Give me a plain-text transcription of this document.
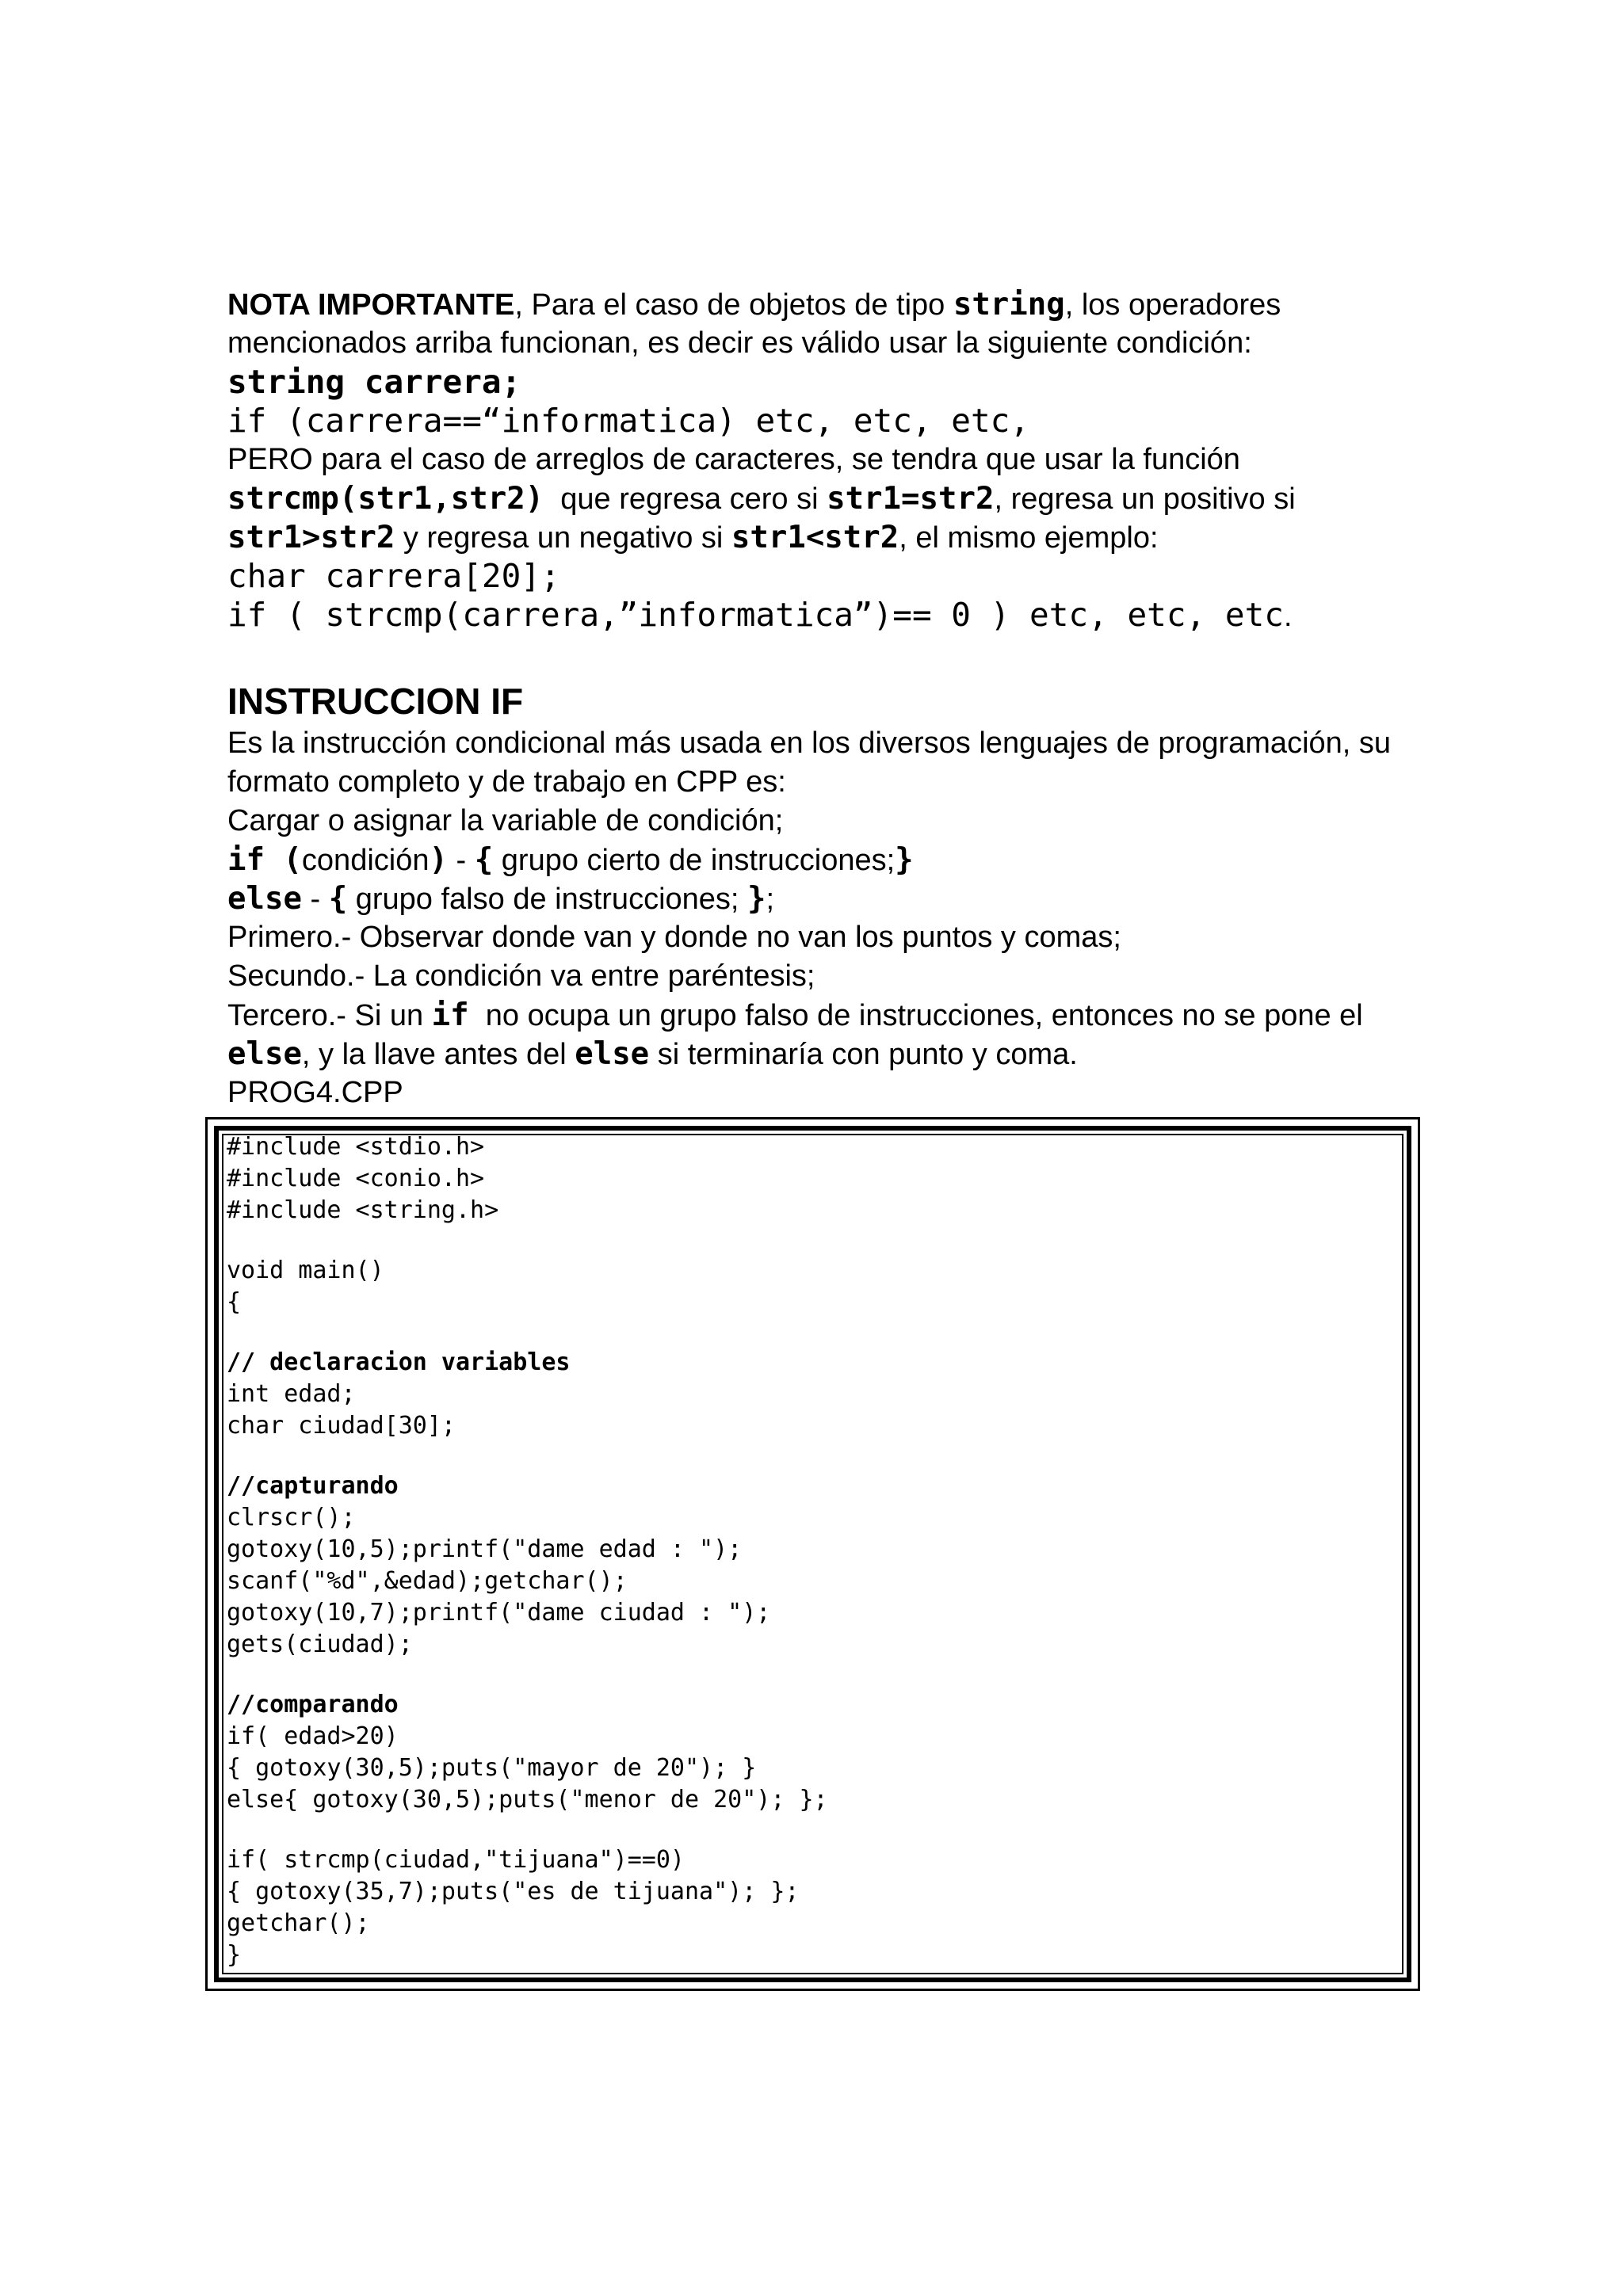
NOTA IMPORTANTE, Para el caso de objetos de tipo string, los operadores
mencionados arriba funcionan, es decir es válido usar la siguiente condición:
string carrera;
if (carrera==“informatica) etc, etc, etc,
PERO para el caso de arreglos de caracteres, se tendra que usar la función
strcmp(str1,str2)  que regresa cero si str1=str2, regresa un positivo si
str1>str2 y regresa un negativo si str1<str2, el mismo ejemplo:
char carrera[20];
if ( strcmp(carrera,”informatica”)== 0 ) etc, etc, etc.
INSTRUCCION IF
Es la instrucción condicional más usada en los diversos lenguajes de programación, su
formato completo y de trabajo en CPP es:
Cargar o asignar la variable de condición;
if (condición) - { grupo cierto de instrucciones;}
else - { grupo falso de instrucciones; };
Primero.- Observar donde van y donde no van los puntos y comas;
Secundo.- La condición va entre paréntesis;
Tercero.- Si un if  no ocupa un grupo falso de instrucciones, entonces no se pone el
else, y la llave antes del else si terminaría con punto y coma.
PROG4.CPP
#include <stdio.h>
#include <conio.h>
#include <string.h>
void main()
{
// declaracion variables
int edad;
char ciudad[30];
//capturando
clrscr();
gotoxy(10,5);printf("dame edad : ");
scanf("%d",&edad);getchar();
gotoxy(10,7);printf("dame ciudad : ");
gets(ciudad);
//comparando
if( edad>20)
{ gotoxy(30,5);puts("mayor de 20"); }
else{ gotoxy(30,5);puts("menor de 20"); };
if( strcmp(ciudad,"tijuana")==0)
{ gotoxy(35,7);puts("es de tijuana"); };
getchar();
}
